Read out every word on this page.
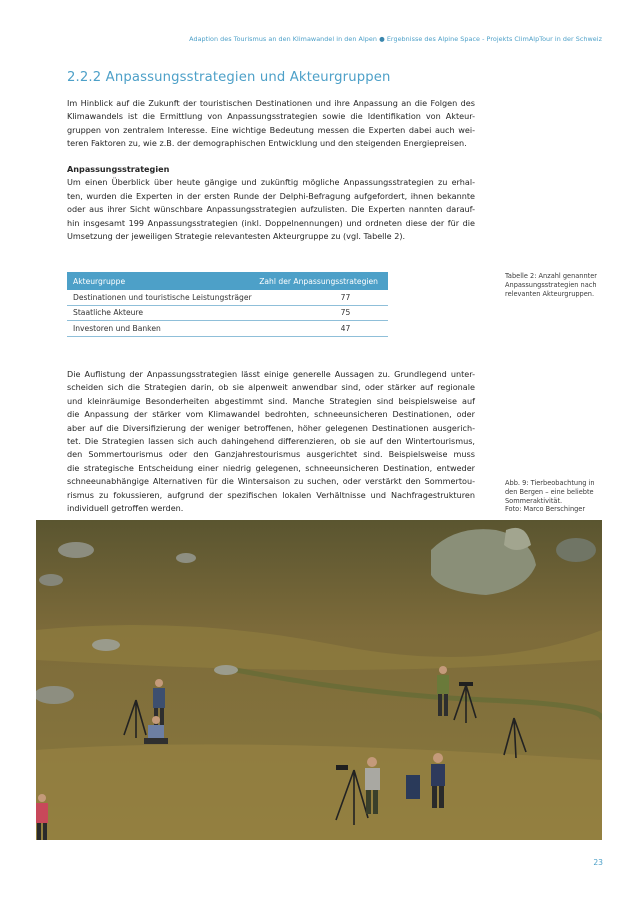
Adaption des Tourismus an den Klimawandel in den Alpen ● Ergebnisse des Alpine Space - Projekts ClimAlpTour in der Schweiz
2.2.2 Anpassungsstrategien und Akteurgruppen

Im Hinblick auf die Zukunft der touristischen Destinationen und ihre Anpassung an die Folgen des
Klimawandels ist die Ermittlung von Anpassungsstrategien sowie die Identifikation von Akteur-
gruppen von zentralem Interesse. Eine wichtige Bedeutung messen die Experten dabei auch wei-
teren Faktoren zu, wie z.B. der demographischen Entwicklung und den steigenden Energiepreisen.

Anpassungsstrategien
Um einen Überblick über heute gängige und zukünftig mögliche Anpassungsstrategien zu erhal-
ten, wurden die Experten in der ersten Runde der Delphi-Befragung aufgefordert, ihnen bekannte
oder aus ihrer Sicht wünschbare Anpassungsstrategien aufzulisten. Die Experten nannten darauf-
hin insgesamt 199 Anpassungsstrategien (inkl. Doppelnennungen) und ordneten diese der für die
Umsetzung der jeweiligen Strategie relevantesten Akteurgruppe zu (vgl. Tabelle 2).

Akteurgruppe	Zahl der Anpassungsstrategien
Destinationen und touristische Leistungsträger	77
Staatliche Akteure	75
Investoren und Banken	47
Tabelle 2: Anzahl genannter
Anpassungsstrategien nach
relevanten Akteurgruppen.

Die Auflistung der Anpassungsstrategien lässt einige generelle Aussagen zu. Grundlegend unter-
scheiden sich die Strategien darin, ob sie alpenweit anwendbar sind, oder stärker auf regionale
und kleinräumige Besonderheiten abgestimmt sind. Manche Strategien sind beispielsweise auf
die Anpassung der stärker vom Klimawandel bedrohten, schneeunsicheren Destinationen, oder
aber auf die Diversifizierung der weniger betroffenen, höher gelegenen Destinationen ausgerich-
tet. Die Strategien lassen sich auch dahingehend differenzieren, ob sie auf den Wintertourismus,
den Sommertourismus oder den Ganzjahrestourismus ausgerichtet sind. Beispielsweise muss
die strategische Entscheidung einer niedrig gelegenen, schneeunsicheren Destination, entweder
schneeunabhängige Alternativen für die Wintersaison zu suchen, oder verstärkt den Sommertou-
rismus zu fokussieren, aufgrund der spezifischen lokalen Verhältnisse und Nachfragestrukturen
individuell getroffen werden.

Abb. 9: Tierbeobachtung in
den Bergen – eine beliebte
Sommeraktivität.
Foto: Marco Berschinger
23
